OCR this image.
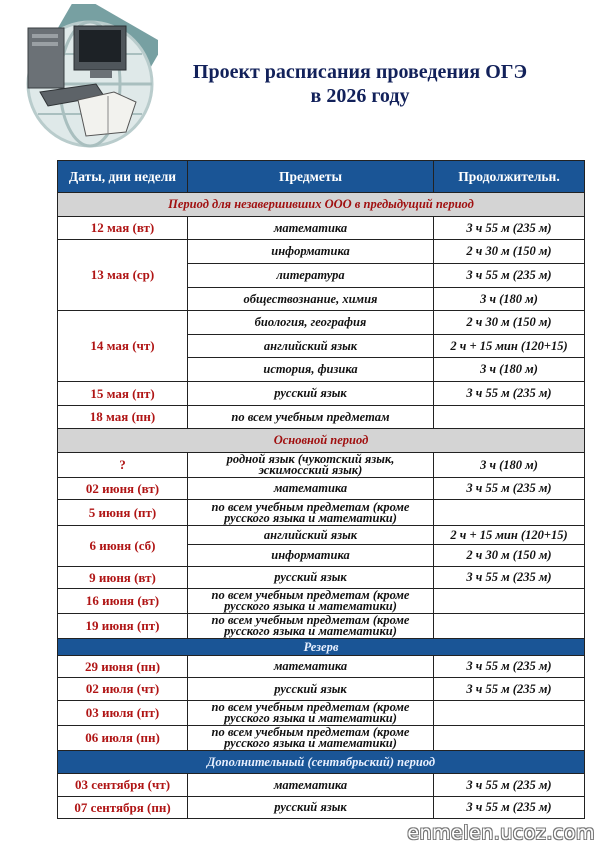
Проект расписания проведения ОГЭ
в 2026 году
Даты, дни недели	Предметы	Продолжительн.
Период для незавершивших ООО в предыдущий период		
12 мая (вт)	математика	3 ч 55 м (235 м)
13 мая (ср)	информатика	2 ч 30 м (150 м)
	литература	3 ч 55 м (235 м)
	обществознание, химия	3 ч (180 м)
14 мая (чт)	биология, география	2 ч 30 м (150 м)
	английский язык	2 ч + 15 мин (120+15)
	история, физика	3 ч (180 м)
15 мая (пт)	русский язык	3 ч 55 м (235 м)
18 мая (пн)	по всем учебным предметам	
Основной период		
?	родной язык (чукотский язык, эскимосский язык)	3 ч (180 м)
02 июня (вт)	математика	3 ч 55 м (235 м)
5 июня (пт)	по всем учебным предметам (кроме русского языка и математики)	
6 июня (сб)	английский язык	2 ч + 15 мин (120+15)
	информатика	2 ч 30 м (150 м)
9 июня (вт)	русский язык	3 ч 55 м (235 м)
16 июня (вт)	по всем учебным предметам (кроме русского языка и математики)	
19 июня (пт)	по всем учебным предметам (кроме русского языка и математики)	
Резерв		
29 июня (пн)	математика	3 ч 55 м (235 м)
02 июля (чт)	русский язык	3 ч 55 м (235 м)
03 июля (пт)	по всем учебным предметам (кроме русского языка и математики)	
06 июля (пн)	по всем учебным предметам (кроме русского языка и математики)	
Дополнительный (сентябрьский) период		
03 сентября (чт)	математика	3 ч 55 м (235 м)
07 сентября (пн)	русский язык	3 ч 55 м (235 м)
enmelen.ucoz.com
